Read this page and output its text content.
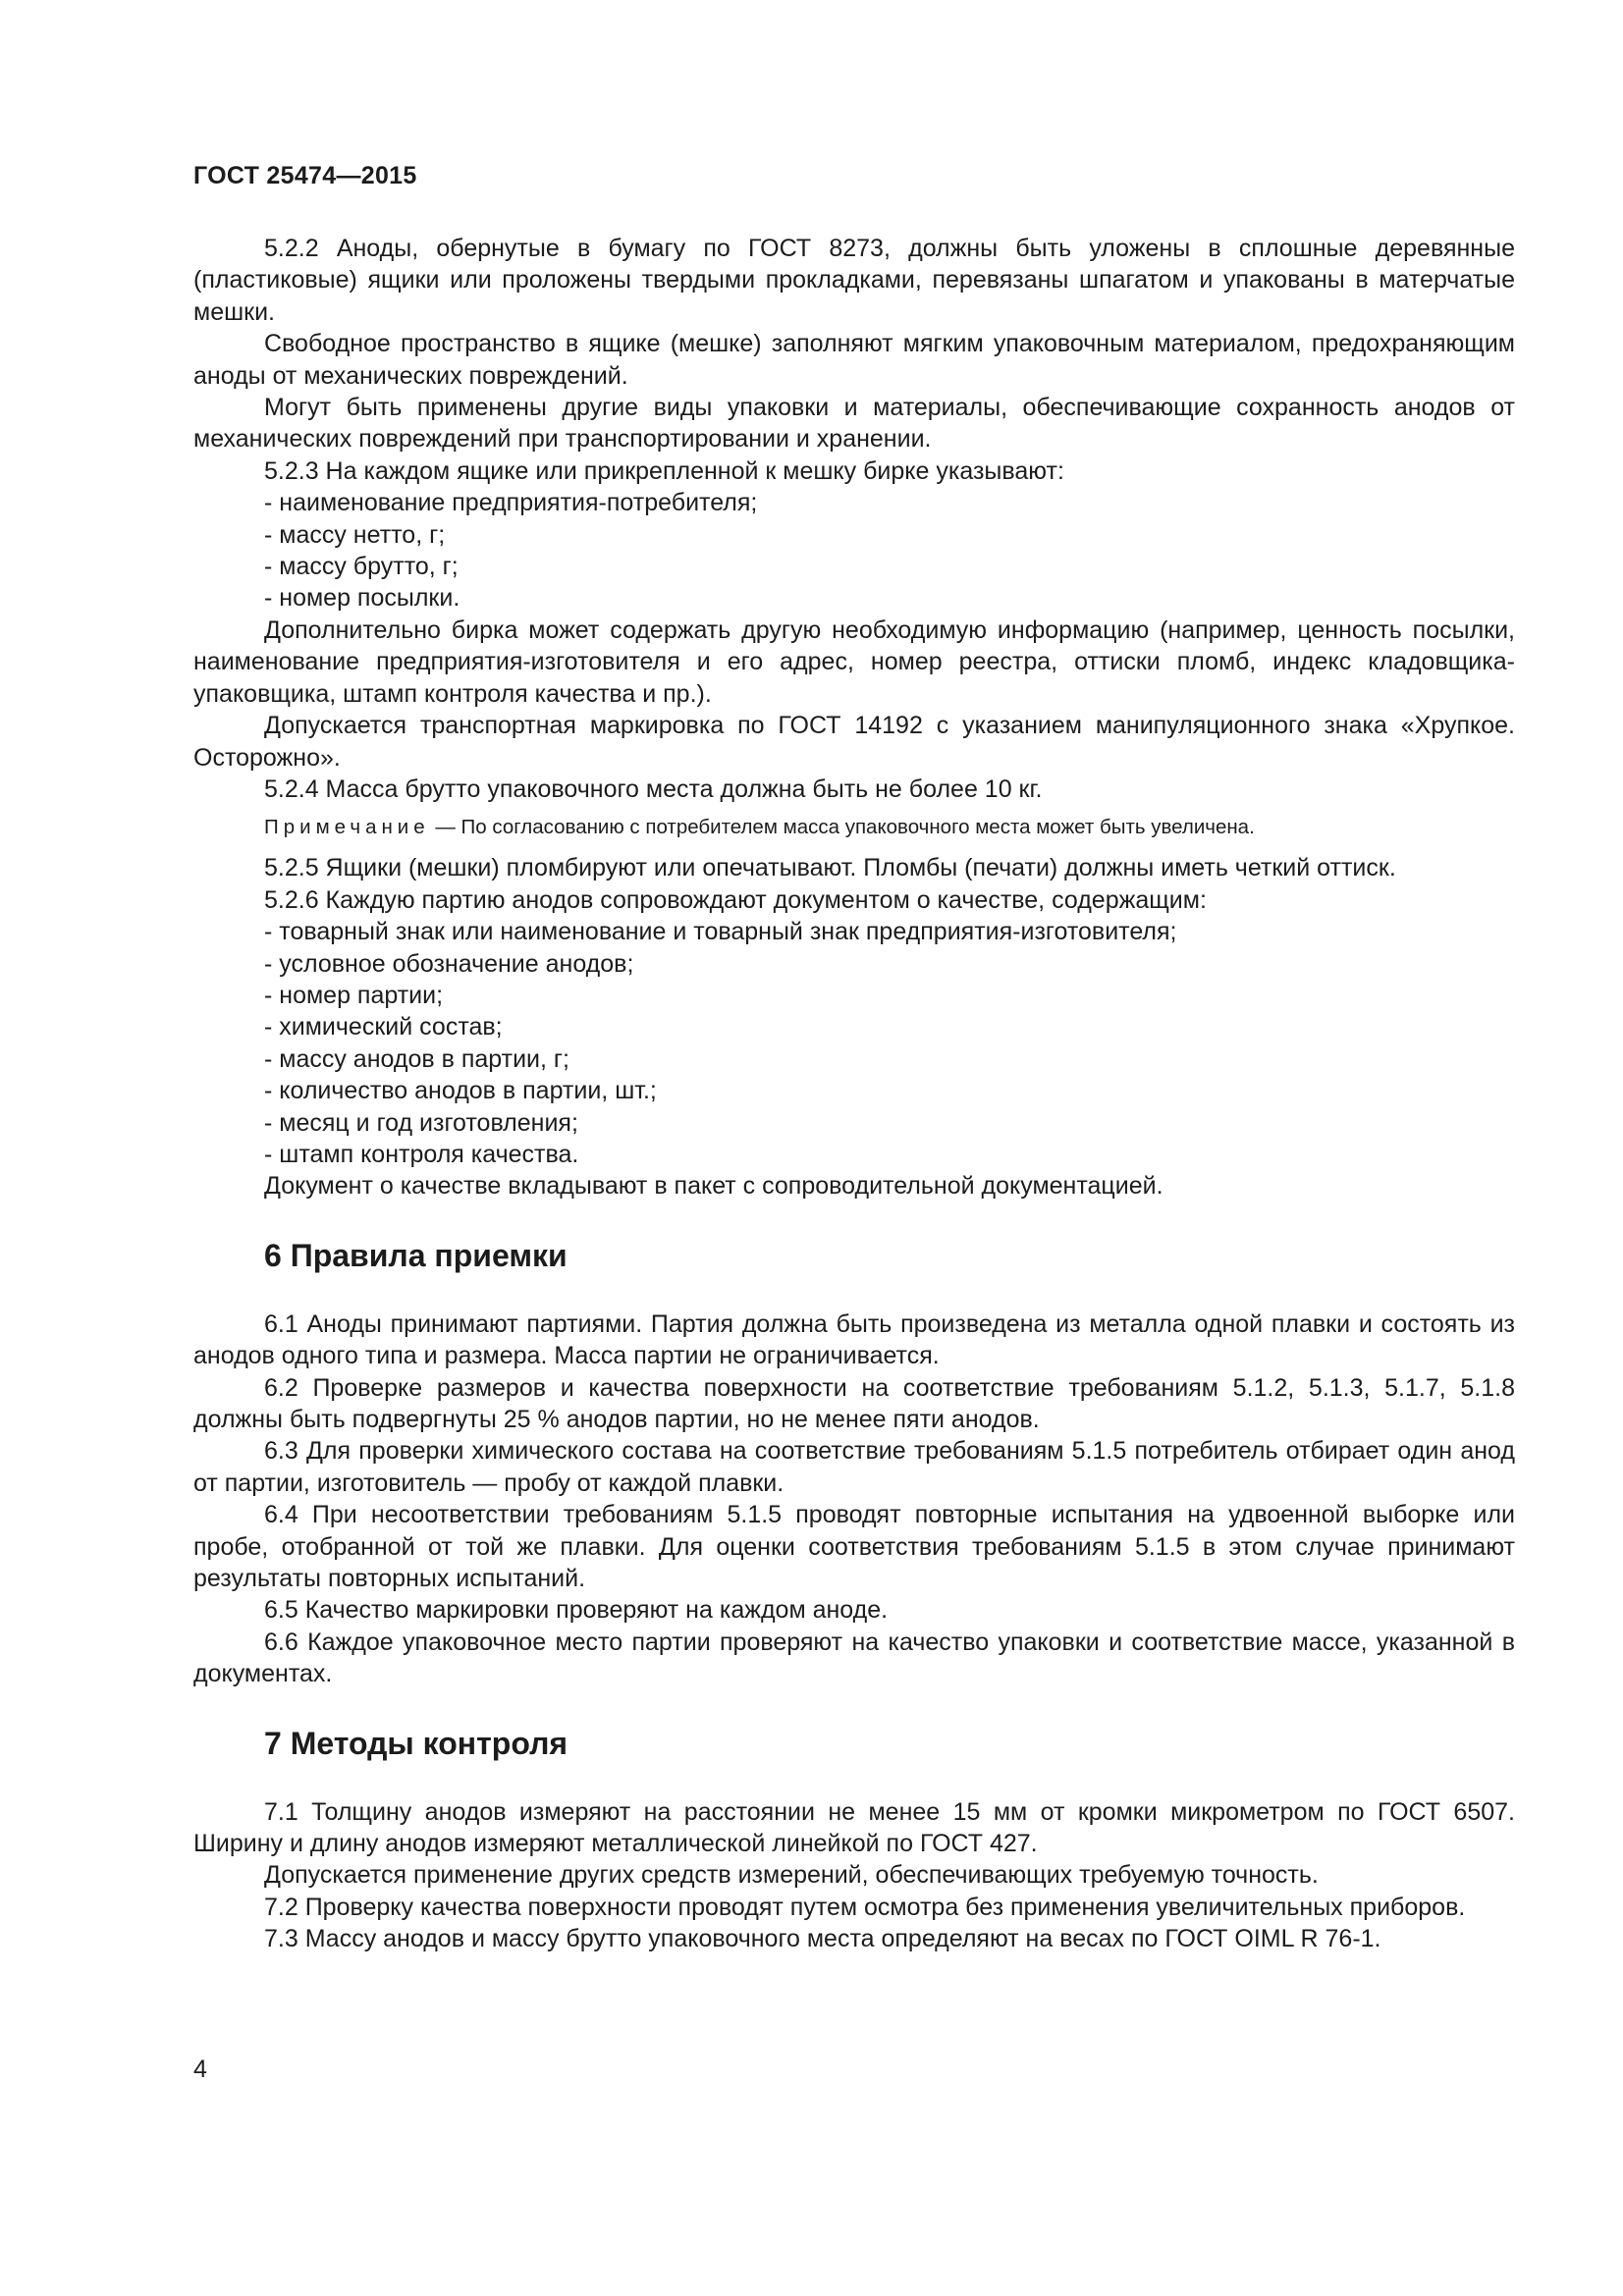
ГОСТ 25474—2015

5.2.2 Аноды, обернутые в бумагу по ГОСТ 8273, должны быть уложены в сплошные деревянные (пластиковые) ящики или проложены твердыми прокладками, перевязаны шпагатом и упакованы в матерчатые мешки.

Свободное пространство в ящике (мешке) заполняют мягким упаковочным материалом, предохраняющим аноды от механических повреждений.

Могут быть применены другие виды упаковки и материалы, обеспечивающие сохранность анодов от механических повреждений при транспортировании и хранении.

5.2.3 На каждом ящике или прикрепленной к мешку бирке указывают:

- наименование предприятия-потребителя;

- массу нетто, г;

- массу брутто, г;

- номер посылки.

Дополнительно бирка может содержать другую необходимую информацию (например, ценность посылки, наименование предприятия-изготовителя и его адрес, номер реестра, оттиски пломб, индекс кладовщика-упаковщика, штамп контроля качества и пр.).

Допускается транспортная маркировка по ГОСТ 14192 с указанием манипуляционного знака «Хрупкое. Осторожно».

5.2.4 Масса брутто упаковочного места должна быть не более 10 кг.

Примечание — По согласованию с потребителем масса упаковочного места может быть увеличена.

5.2.5 Ящики (мешки) пломбируют или опечатывают. Пломбы (печати) должны иметь четкий оттиск.

5.2.6 Каждую партию анодов сопровождают документом о качестве, содержащим:

- товарный знак или наименование и товарный знак предприятия-изготовителя;

- условное обозначение анодов;

- номер партии;

- химический состав;

- массу анодов в партии, г;

- количество анодов в партии, шт.;

- месяц и год изготовления;

- штамп контроля качества.

Документ о качестве вкладывают в пакет с сопроводительной документацией.

6 Правила приемки

6.1 Аноды принимают партиями. Партия должна быть произведена из металла одной плавки и состоять из анодов одного типа и размера. Масса партии не ограничивается.

6.2 Проверке размеров и качества поверхности на соответствие требованиям 5.1.2, 5.1.3, 5.1.7, 5.1.8 должны быть подвергнуты 25 % анодов партии, но не менее пяти анодов.

6.3 Для проверки химического состава на соответствие требованиям 5.1.5 потребитель отбирает один анод от партии, изготовитель — пробу от каждой плавки.

6.4 При несоответствии требованиям 5.1.5 проводят повторные испытания на удвоенной выборке или пробе, отобранной от той же плавки. Для оценки соответствия требованиям 5.1.5 в этом случае принимают результаты повторных испытаний.

6.5 Качество маркировки проверяют на каждом аноде.

6.6 Каждое упаковочное место партии проверяют на качество упаковки и соответствие массе, указанной в документах.

7 Методы контроля

7.1 Толщину анодов измеряют на расстоянии не менее 15 мм от кромки микрометром по ГОСТ 6507. Ширину и длину анодов измеряют металлической линейкой по ГОСТ 427.

Допускается применение других средств измерений, обеспечивающих требуемую точность.

7.2 Проверку качества поверхности проводят путем осмотра без применения увеличительных приборов.

7.3 Массу анодов и массу брутто упаковочного места определяют на весах по ГОСТ OIML R 76-1.

4
